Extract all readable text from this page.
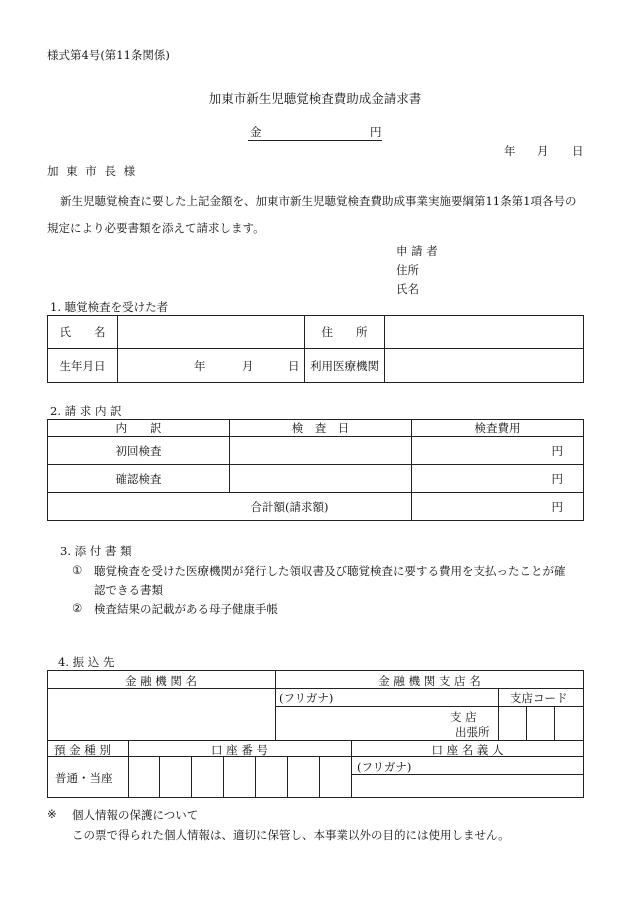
様式第4号(第11条関係)
加東市新生児聴覚検査費助成金請求書
金	円
年 月 日
加 東 市 長 様
新生児聴覚検査に要した上記金額を、加東市新生児聴覚検査費助成事業実施要綱第11条第1項各号の
規定により必要書類を添えて請求します。
申 請 者
住所
氏名
1. 聴覚検査を受けた者
氏　　名		住　　所	
生年月日	年 月 日	利用医療機関	
2. 請 求 内 訳
内　　訳	検　査　日	検査費用
初回検査		円
確認検査		円
合計額(請求額)		円
3. 添 付 書 類
① 聴覚検査を受けた医療機関が発行した領収書及び聴覚検査に要する費用を支払ったことが確
認できる書類
② 検査結果の記載がある母子健康手帳
4. 振 込 先
金 融 機 関 名	金 融 機 関 支 店 名
(フリガナ)	支店コード
支 店
出張所
預 金 種 別	口 座 番 号	口 座 名 義 人
普通・当座
(フリガナ)
※ 個人情報の保護について
この票で得られた個人情報は、適切に保管し、本事業以外の目的には使用しません。
